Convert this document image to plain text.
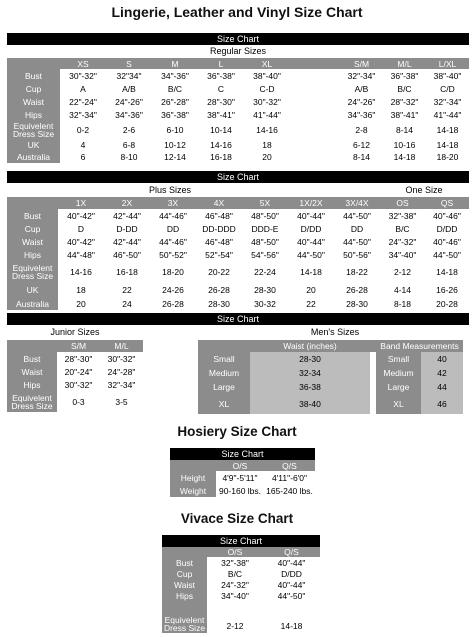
Lingerie, Leather and Vinyl Size Chart
Size Chart
Regular Sizes
	XS	S	M	L	XL		S/M	M/L	L/XL
Bust	30"-32"	32"34"	34"-36"	36"-38"	38"-40"		32"-34"	36"-38"	38"-40"
Cup	A	A/B	B/C	C	C-D		A/B	B/C	C/D
Waist	22"-24"	24"-26"	26"-28"	28"-30"	30"-32"		24"-26"	28"-32"	32"-34"
Hips	32"-34"	34"-36"	36"-38"	38"-41"	41"-44"		34"-36"	38"-41"	41"-44"
Equivelent Dress Size	0-2	2-6	6-10	10-14	14-16		2-8	8-14	14-18
UK	4	6-8	10-12	14-16	18		6-12	10-16	14-18
Australia	6	8-10	12-14	16-18	20		8-14	14-18	18-20
Size Chart
Plus Sizes	One Size
	1X	2X	3X	4X	5X	1X/2X	3X/4X	OS	QS
Bust	40"-42"	42"-44"	44"-46"	46"-48"	48"-50"	40"-44"	44"-50"	32"-38"	40"-46"
Cup	D	D-DD	DD	DD-DDD	DDD-E	D/DD	DD	B/C	D/DD
Waist	40"-42"	42"-44"	44"-46"	46"-48"	48"-50"	40"-44"	44"-50"	24"-32"	40"-46"
Hips	44"-48"	46"-50"	50"-52"	52"-54"	54"-56"	44"-50"	50"-56"	34"-40"	44"-50"
Equivelent Dress Size	14-16	16-18	18-20	20-22	22-24	14-18	18-22	2-12	14-18
UK	18	22	24-26	26-28	28-30	20	26-28	4-14	16-26
Australia	20	24	26-28	28-30	30-32	22	28-30	8-18	20-28
Size Chart
Junior Sizes	Men's Sizes
	S/M	M/L
Bust	28"-30"	30"-32"
Waist	20"-24"	24"-28"
Hips	30"-32"	32"-34"
Equivelent Dress Size	0-3	3-5
	Waist (inches)		Band Measurements	
Small	28-30		Small	40
Medium	32-34		Medium	42
Large	36-38		Large	44
XL	38-40		XL	46
Hosiery Size Chart
Size Chart
	O/S	Q/S
Height	4'9"-5'11"	4'11"-6'0"
Weight	90-160 lbs.	165-240 lbs.
Vivace Size Chart
Size Chart
	O/S	Q/S
Bust	32"-38"	40"-44"
Cup	B/C	D/DD
Waist	24"-32"	40"-44"
Hips	34"-40"	44"-50"
Equivelent Dress Size	2-12	14-18
